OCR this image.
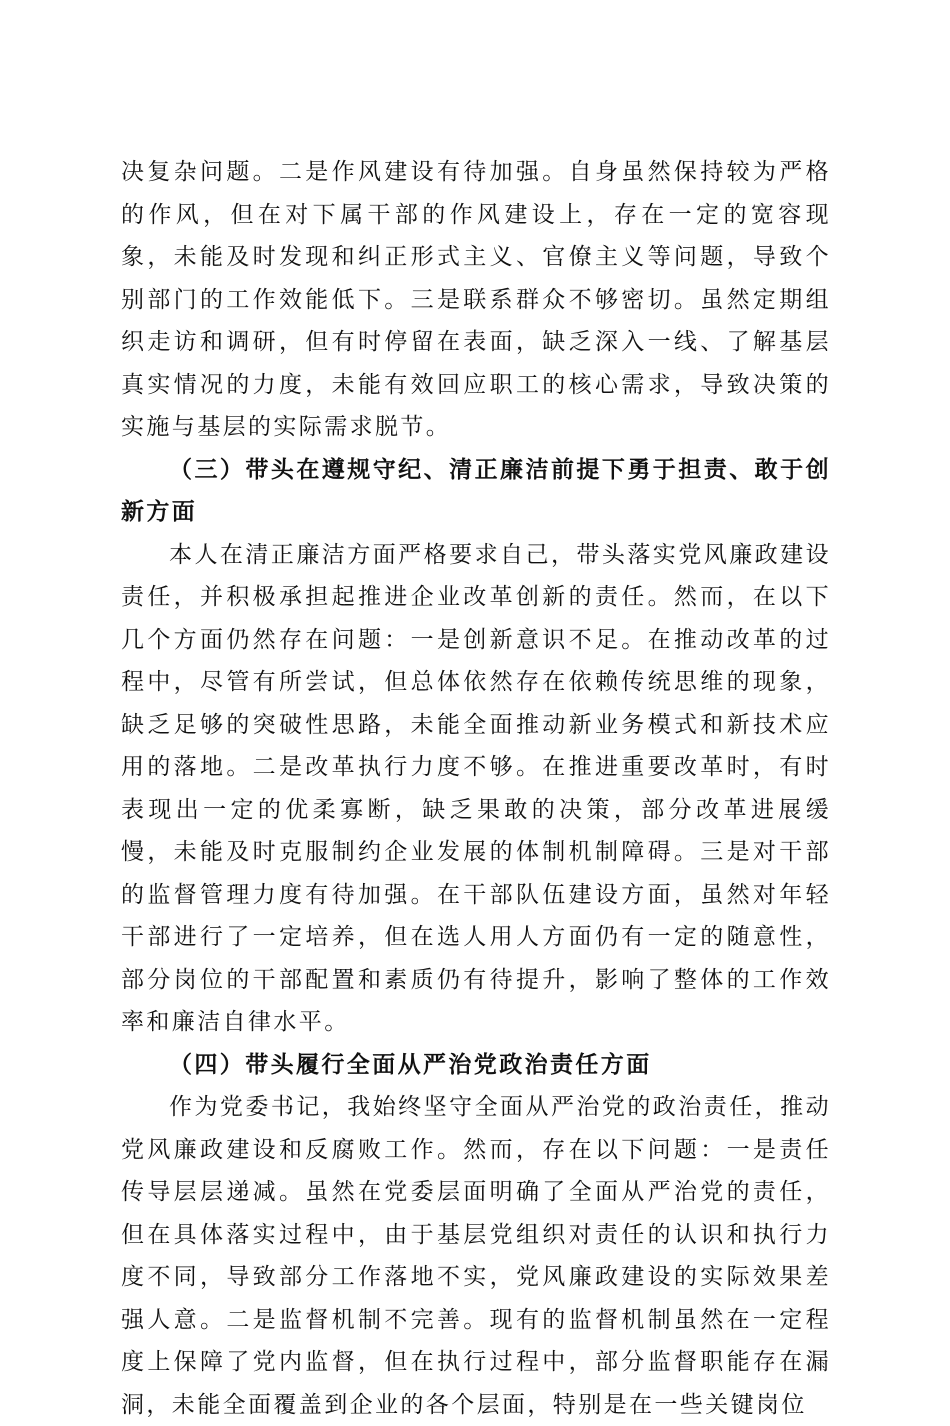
决复杂问题。二是作风建设有待加强。自身虽然保持较为严格的作风，但在对下属干部的作风建设上，存在一定的宽容现象，未能及时发现和纠正形式主义、官僚主义等问题，导致个别部门的工作效能低下。三是联系群众不够密切。虽然定期组织走访和调研，但有时停留在表面，缺乏深入一线、了解基层真实情况的力度，未能有效回应职工的核心需求，导致决策的实施与基层的实际需求脱节。

（三）带头在遵规守纪、清正廉洁前提下勇于担责、敢于创新方面

本人在清正廉洁方面严格要求自己，带头落实党风廉政建设责任，并积极承担起推进企业改革创新的责任。然而，在以下几个方面仍然存在问题：一是创新意识不足。在推动改革的过程中，尽管有所尝试，但总体依然存在依赖传统思维的现象，缺乏足够的突破性思路，未能全面推动新业务模式和新技术应用的落地。二是改革执行力度不够。在推进重要改革时，有时表现出一定的优柔寡断，缺乏果敢的决策，部分改革进展缓慢，未能及时克服制约企业发展的体制机制障碍。三是对干部的监督管理力度有待加强。在干部队伍建设方面，虽然对年轻干部进行了一定培养，但在选人用人方面仍有一定的随意性，部分岗位的干部配置和素质仍有待提升，影响了整体的工作效率和廉洁自律水平。

（四）带头履行全面从严治党政治责任方面

作为党委书记，我始终坚守全面从严治党的政治责任，推动党风廉政建设和反腐败工作。然而，存在以下问题：一是责任传导层层递减。虽然在党委层面明确了全面从严治党的责任，但在具体落实过程中，由于基层党组织对责任的认识和执行力度不同，导致部分工作落地不实，党风廉政建设的实际效果差强人意。二是监督机制不完善。现有的监督机制虽然在一定程度上保障了党内监督，但在执行过程中，部分监督职能存在漏洞，未能全面覆盖到企业的各个层面，特别是在一些关键岗位
